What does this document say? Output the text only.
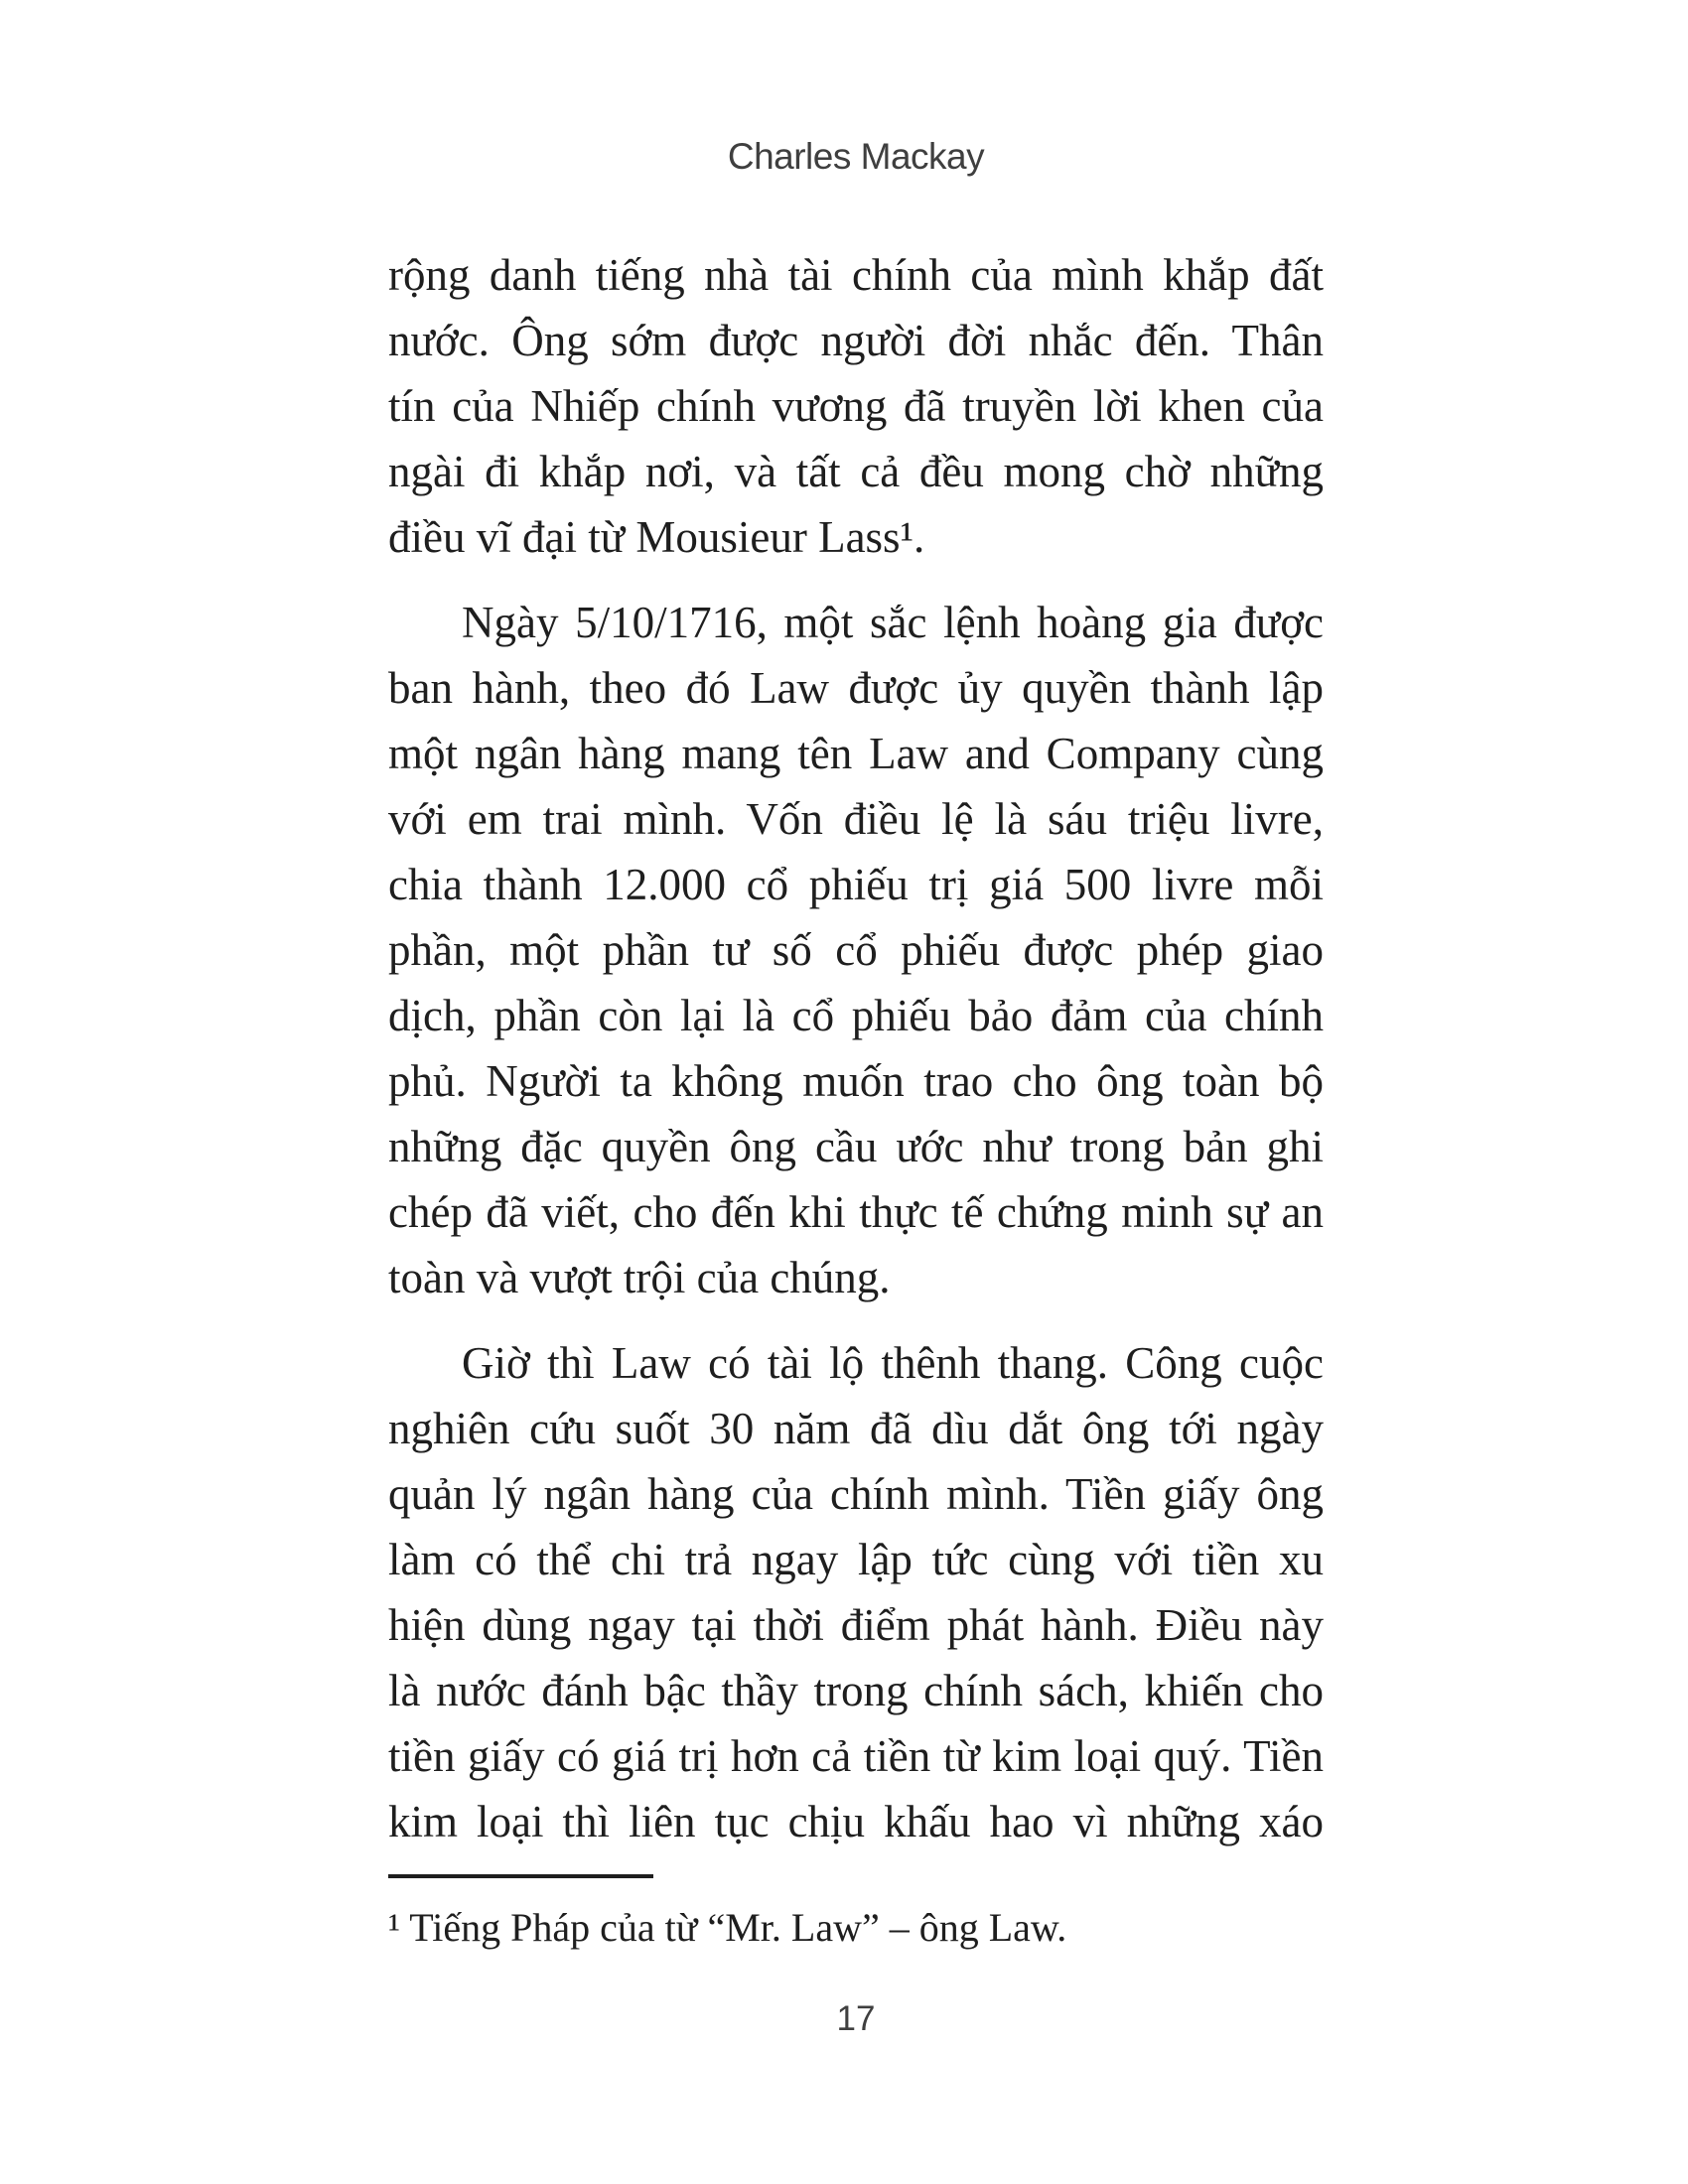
Charles Mackay

rộng danh tiếng nhà tài chính của mình khắp đất
nước. Ông sớm được người đời nhắc đến. Thân
tín của Nhiếp chính vương đã truyền lời khen của
ngài đi khắp nơi, và tất cả đều mong chờ những
điều vĩ đại từ Mousieur Lass¹.

Ngày 5/10/1716, một sắc lệnh hoàng gia được
ban hành, theo đó Law được ủy quyền thành lập
một ngân hàng mang tên Law and Company cùng
với em trai mình. Vốn điều lệ là sáu triệu livre,
chia thành 12.000 cổ phiếu trị giá 500 livre mỗi
phần, một phần tư số cổ phiếu được phép giao
dịch, phần còn lại là cổ phiếu bảo đảm của chính
phủ. Người ta không muốn trao cho ông toàn bộ
những đặc quyền ông cầu ước như trong bản ghi
chép đã viết, cho đến khi thực tế chứng minh sự an
toàn và vượt trội của chúng.

Giờ thì Law có tài lộ thênh thang. Công cuộc
nghiên cứu suốt 30 năm đã dìu dắt ông tới ngày
quản lý ngân hàng của chính mình. Tiền giấy ông
làm có thể chi trả ngay lập tức cùng với tiền xu
hiện dùng ngay tại thời điểm phát hành. Điều này
là nước đánh bậc thầy trong chính sách, khiến cho
tiền giấy có giá trị hơn cả tiền từ kim loại quý. Tiền
kim loại thì liên tục chịu khấu hao vì những xáo

¹ Tiếng Pháp của từ “Mr. Law” – ông Law.
17
